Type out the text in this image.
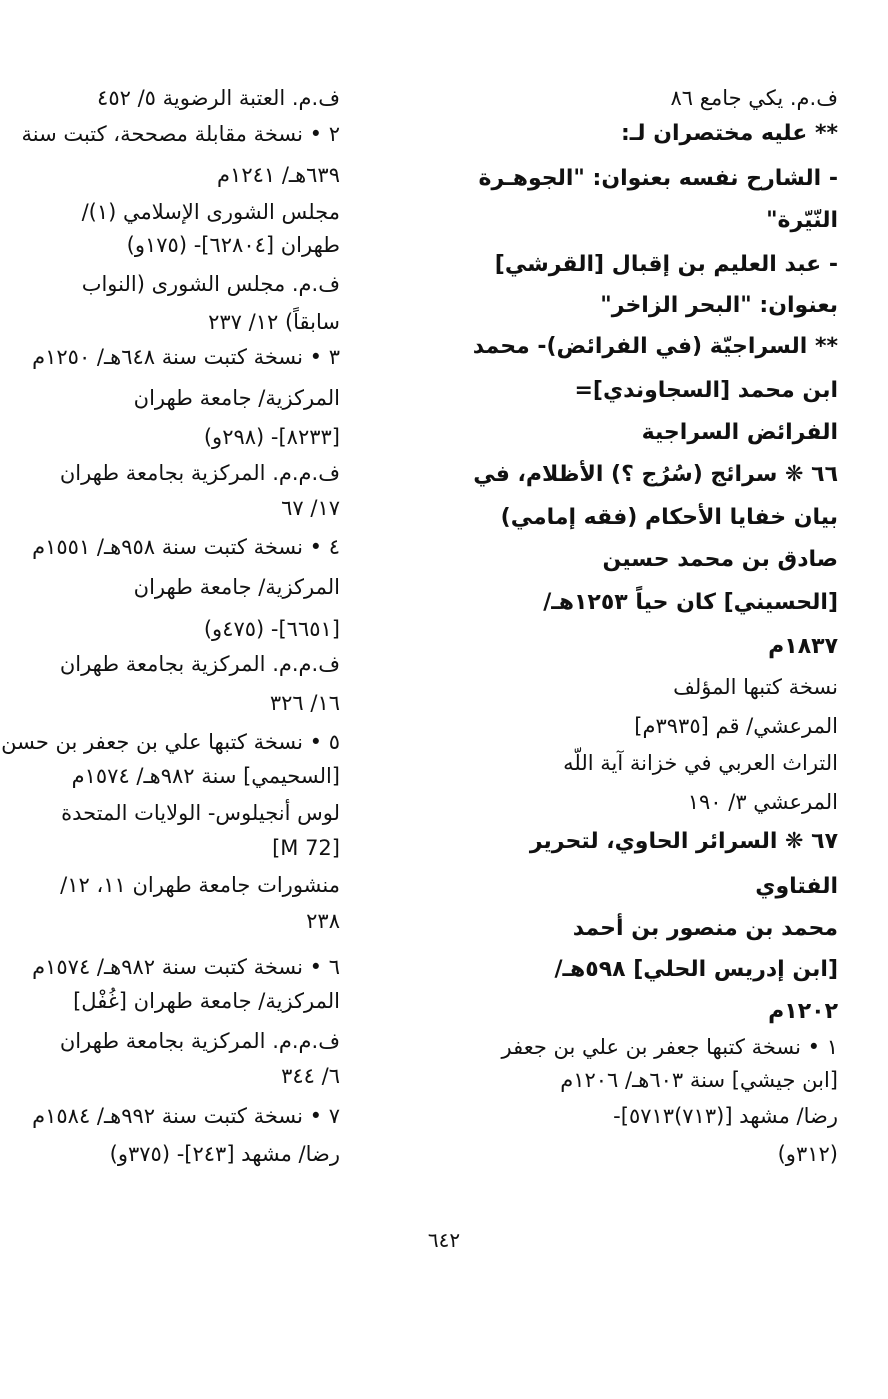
ف.م. يكي جامع ٨٦
** عليه مختصران لـ:
- الشارح نفسه بعنوان: "الجوهـرة
النّيّرة"
- عبد العليم بن إقبال [القرشي]
بعنوان: "البحر الزاخر"
** السراجيّة (في الفرائض)- محمد
ابن محمد [السجاوندي]=
الفرائض السراجية
٦٦ ❋ سرائج (سُرُج ؟) الأظلام، في
بيان خفايا الأحكام (فقه إمامي)
صادق بن محمد حسين
[الحسيني] كان حياً ١٢٥٣هـ/
١٨٣٧م
نسخة كتبها المؤلف
المرعشي/ قم [٣٩٣٥م]
التراث العربي في خزانة آية اللّه
المرعشي ٣/ ١٩٠
٦٧ ❋ السرائر الحاوي، لتحرير
الفتاوي
محمد بن منصور بن أحمد
[ابن إدريس الحلي] ٥٩٨هـ/
١٢٠٢م
١ • نسخة كتبها جعفر بن علي بن جعفر
[ابن جيشي] سنة ٦٠٣هـ/ ١٢٠٦م
رضا/ مشهد [(٧١٣)٥٧١٣]-
(٣١٢و)
ف.م. العتبة الرضوية ٥/ ٤٥٢
٢ • نسخة مقابلة مصححة، كتبت سنة
٦٣٩هـ/ ١٢٤١م
مجلس الشورى الإسلامي (١)/
طهران [٦٢٨٠٤]- (١٧٥و)
ف.م. مجلس الشورى (النواب
سابقاً) ١٢/ ٢٣٧
٣ • نسخة كتبت سنة ٦٤٨هـ/ ١٢٥٠م
المركزية/ جامعة طهران
[٨٢٣٣]- (٢٩٨و)
ف.م.م. المركزية بجامعة طهران
١٧/ ٦٧
٤ • نسخة كتبت سنة ٩٥٨هـ/ ١٥٥١م
المركزية/ جامعة طهران
[٦٦٥١]- (٤٧٥و)
ف.م.م. المركزية بجامعة طهران
١٦/ ٣٢٦
٥ • نسخة كتبها علي بن جعفر بن حسن
[السحيمي] سنة ٩٨٢هـ/ ١٥٧٤م
لوس أنجيلوس- الولايات المتحدة
[M 72]
منشورات جامعة طهران ١١، ١٢/
٢٣٨
٦ • نسخة كتبت سنة ٩٨٢هـ/ ١٥٧٤م
المركزية/ جامعة طهران [غُفْل]
ف.م.م. المركزية بجامعة طهران
٦/ ٣٤٤
٧ • نسخة كتبت سنة ٩٩٢هـ/ ١٥٨٤م
رضا/ مشهد [٢٤٣]- (٣٧٥و)
٦٤٢
